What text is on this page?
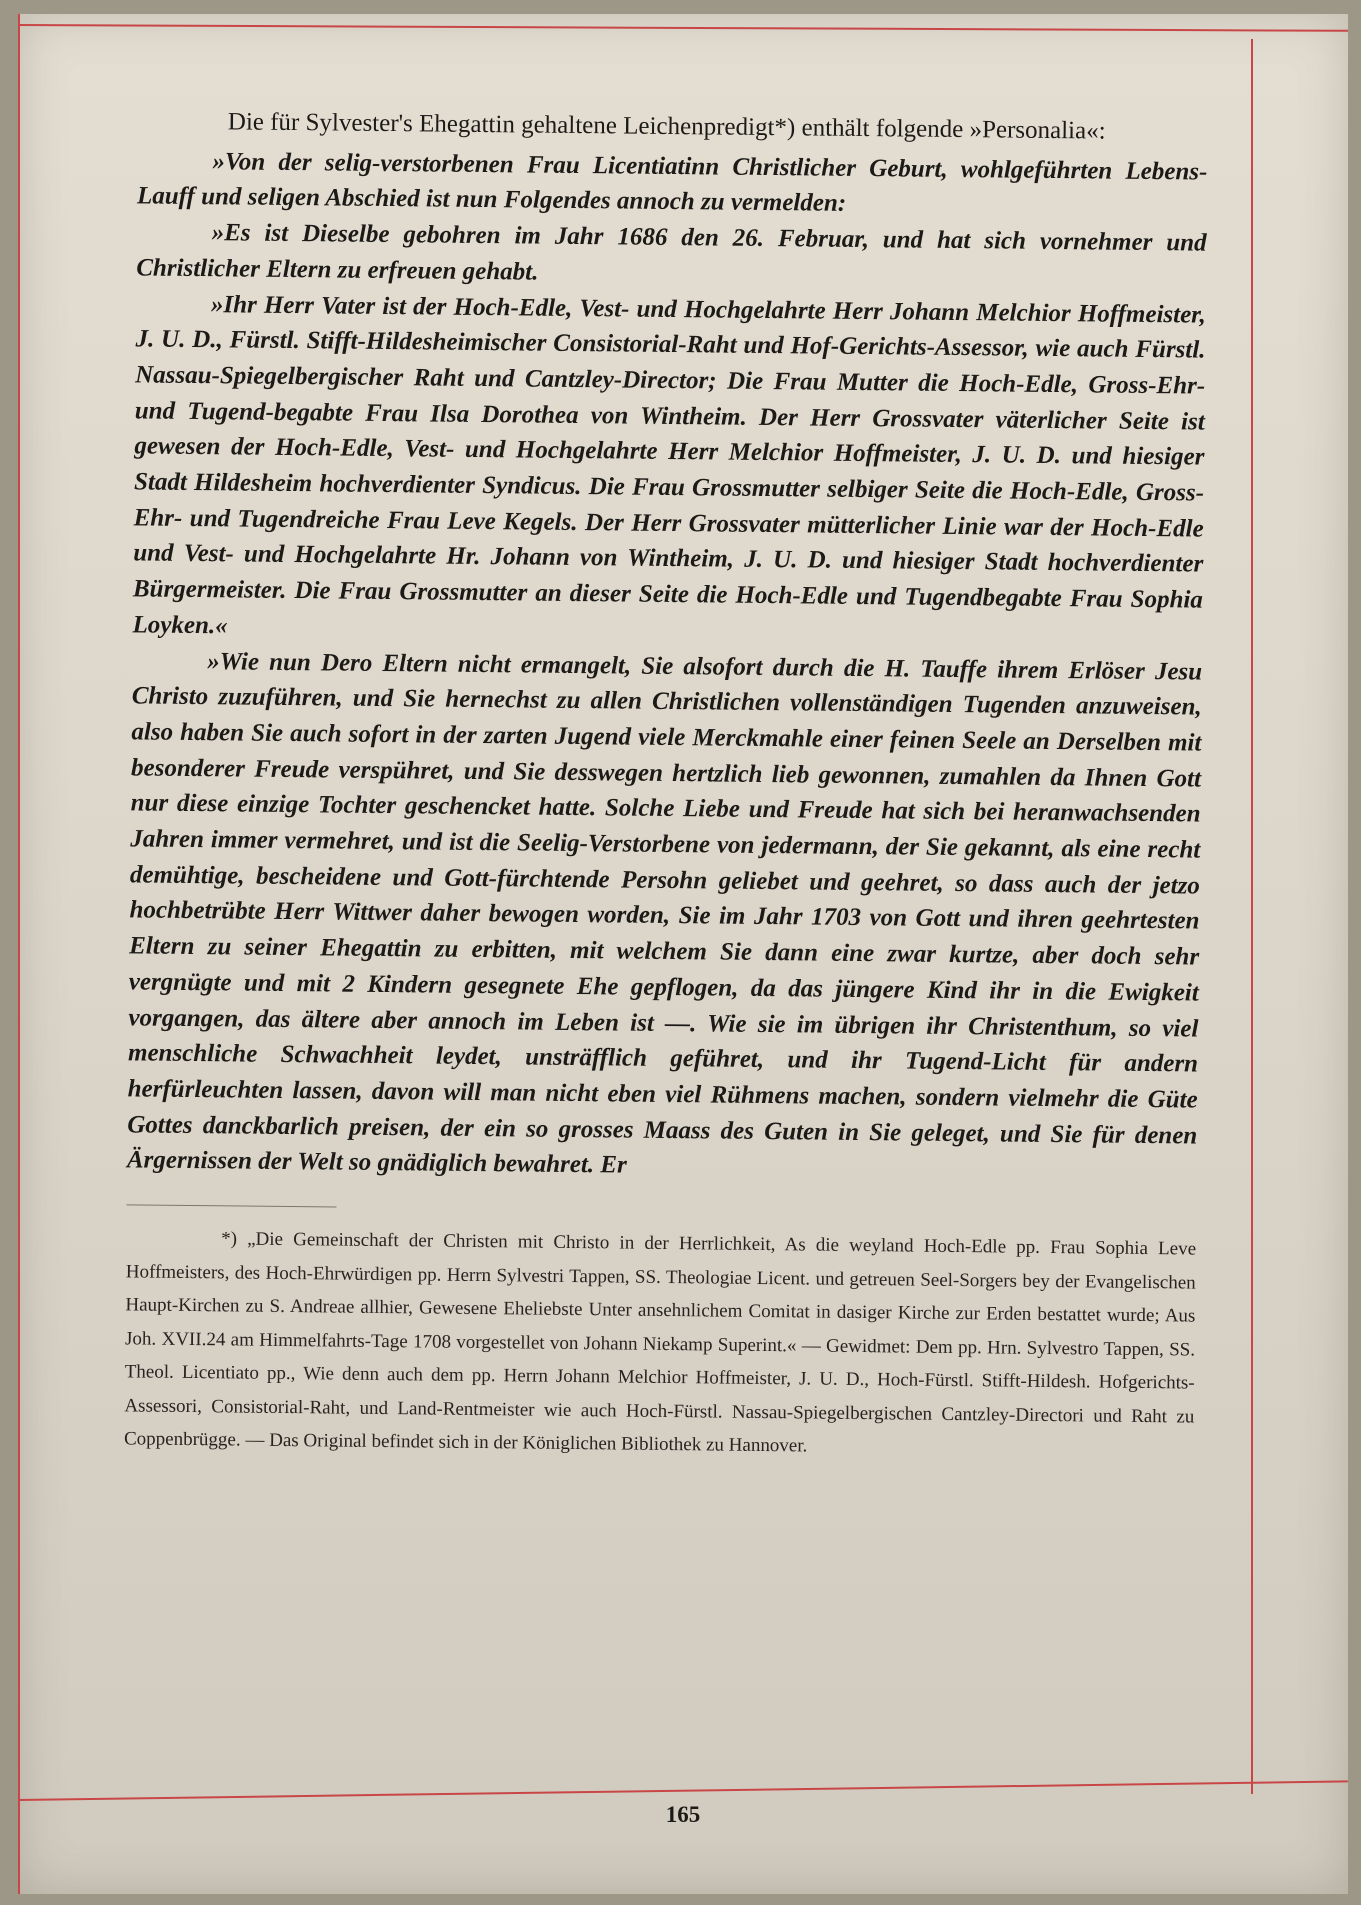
Die für Sylvester's Ehegattin gehaltene Leichenpredigt*) enthält folgende »Personalia«:

»Von der selig-verstorbenen Frau Licentiatinn Christlicher Geburt, wohlgeführten Lebens-Lauff und seligen Abschied ist nun Folgendes annoch zu vermelden:

»Es ist Dieselbe gebohren im Jahr 1686 den 26. Februar, und hat sich vornehmer und Christlicher Eltern zu erfreuen gehabt.

»Ihr Herr Vater ist der Hoch-Edle, Vest- und Hochgelahrte Herr Johann Melchior Hoffmeister, J. U. D., Fürstl. Stifft-Hildesheimischer Consistorial-Raht und Hof-Gerichts-Assessor, wie auch Fürstl. Nassau-Spiegelbergischer Raht und Cantzley-Director; Die Frau Mutter die Hoch-Edle, Gross-Ehr- und Tugend-begabte Frau Ilsa Dorothea von Wintheim. Der Herr Grossvater väterlicher Seite ist gewesen der Hoch-Edle, Vest- und Hochgelahrte Herr Melchior Hoffmeister, J. U. D. und hiesiger Stadt Hildesheim hochverdienter Syndicus. Die Frau Grossmutter selbiger Seite die Hoch-Edle, Gross-Ehr- und Tugendreiche Frau Leve Kegels. Der Herr Grossvater mütterlicher Linie war der Hoch-Edle und Vest- und Hochgelahrte Hr. Johann von Wintheim, J. U. D. und hiesiger Stadt hochverdienter Bürgermeister. Die Frau Grossmutter an dieser Seite die Hoch-Edle und Tugendbegabte Frau Sophia Loyken.«

»Wie nun Dero Eltern nicht ermangelt, Sie alsofort durch die H. Tauffe ihrem Erlöser Jesu Christo zuzuführen, und Sie hernechst zu allen Christlichen vollenständigen Tugenden anzuweisen, also haben Sie auch sofort in der zarten Jugend viele Merckmahle einer feinen Seele an Derselben mit besonderer Freude verspühret, und Sie desswegen hertzlich lieb gewonnen, zumahlen da Ihnen Gott nur diese einzige Tochter geschencket hatte. Solche Liebe und Freude hat sich bei heranwachsenden Jahren immer vermehret, und ist die Seelig-Verstorbene von jedermann, der Sie gekannt, als eine recht demühtige, bescheidene und Gott-fürchtende Persohn geliebet und geehret, so dass auch der jetzo hochbetrübte Herr Wittwer daher bewogen worden, Sie im Jahr 1703 von Gott und ihren geehrtesten Eltern zu seiner Ehegattin zu erbitten, mit welchem Sie dann eine zwar kurtze, aber doch sehr vergnügte und mit 2 Kindern gesegnete Ehe gepflogen, da das jüngere Kind ihr in die Ewigkeit vorgangen, das ältere aber annoch im Leben ist —. Wie sie im übrigen ihr Christenthum, so viel menschliche Schwachheit leydet, unsträfflich geführet, und ihr Tugend-Licht für andern herfürleuchten lassen, davon will man nicht eben viel Rühmens machen, sondern vielmehr die Güte Gottes danckbarlich preisen, der ein so grosses Maass des Guten in Sie geleget, und Sie für denen Ärgernissen der Welt so gnädiglich bewahret. Er

*) „Die Gemeinschaft der Christen mit Christo in der Herrlichkeit, As die weyland Hoch-Edle pp. Frau Sophia Leve Hoffmeisters, des Hoch-Ehrwürdigen pp. Herrn Sylvestri Tappen, SS. Theologiae Licent. und getreuen Seel-Sorgers bey der Evangelischen Haupt-Kirchen zu S. Andreae allhier, Gewesene Eheliebste Unter ansehnlichem Comitat in dasiger Kirche zur Erden bestattet wurde; Aus Joh. XVII.24 am Himmelfahrts-Tage 1708 vorgestellet von Johann Niekamp Superint.« — Gewidmet: Dem pp. Hrn. Sylvestro Tappen, SS. Theol. Licentiato pp., Wie denn auch dem pp. Herrn Johann Melchior Hoffmeister, J. U. D., Hoch-Fürstl. Stifft-Hildesh. Hofgerichts-Assessori, Consistorial-Raht, und Land-Rentmeister wie auch Hoch-Fürstl. Nassau-Spiegelbergischen Cantzley-Directori und Raht zu Coppenbrügge. — Das Original befindet sich in der Königlichen Bibliothek zu Hannover.

165
